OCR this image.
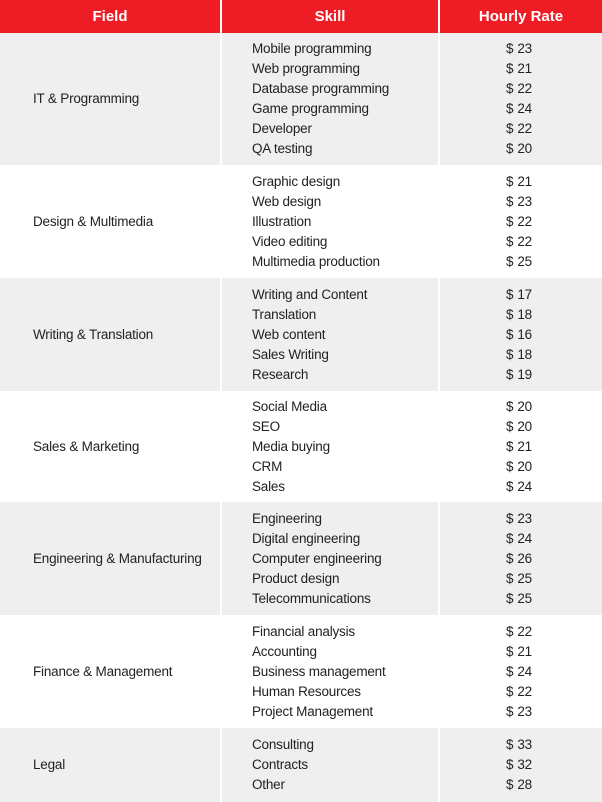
Field	Skill	Hourly Rate
IT & Programming
Mobile programming
Web programming
Database programming
Game programming
Developer
QA testing
$ 23
$ 21
$ 22
$ 24
$ 22
$ 20
Design & Multimedia
Graphic design
Web design
Illustration
Video editing
Multimedia production
$ 21
$ 23
$ 22
$ 22
$ 25
Writing & Translation
Writing and Content
Translation
Web content
Sales Writing
Research
$ 17
$ 18
$ 16
$ 18
$ 19
Sales & Marketing
Social Media
SEO
Media buying
CRM
Sales
$ 20
$ 20
$ 21
$ 20
$ 24
Engineering & Manufacturing
Engineering
Digital engineering
Computer engineering
Product design
Telecommunications
$ 23
$ 24
$ 26
$ 25
$ 25
Finance & Management
Financial analysis
Accounting
Business management
Human Resources
Project Management
$ 22
$ 21
$ 24
$ 22
$ 23
Legal
Consulting
Contracts
Other
$ 33
$ 32
$ 28
